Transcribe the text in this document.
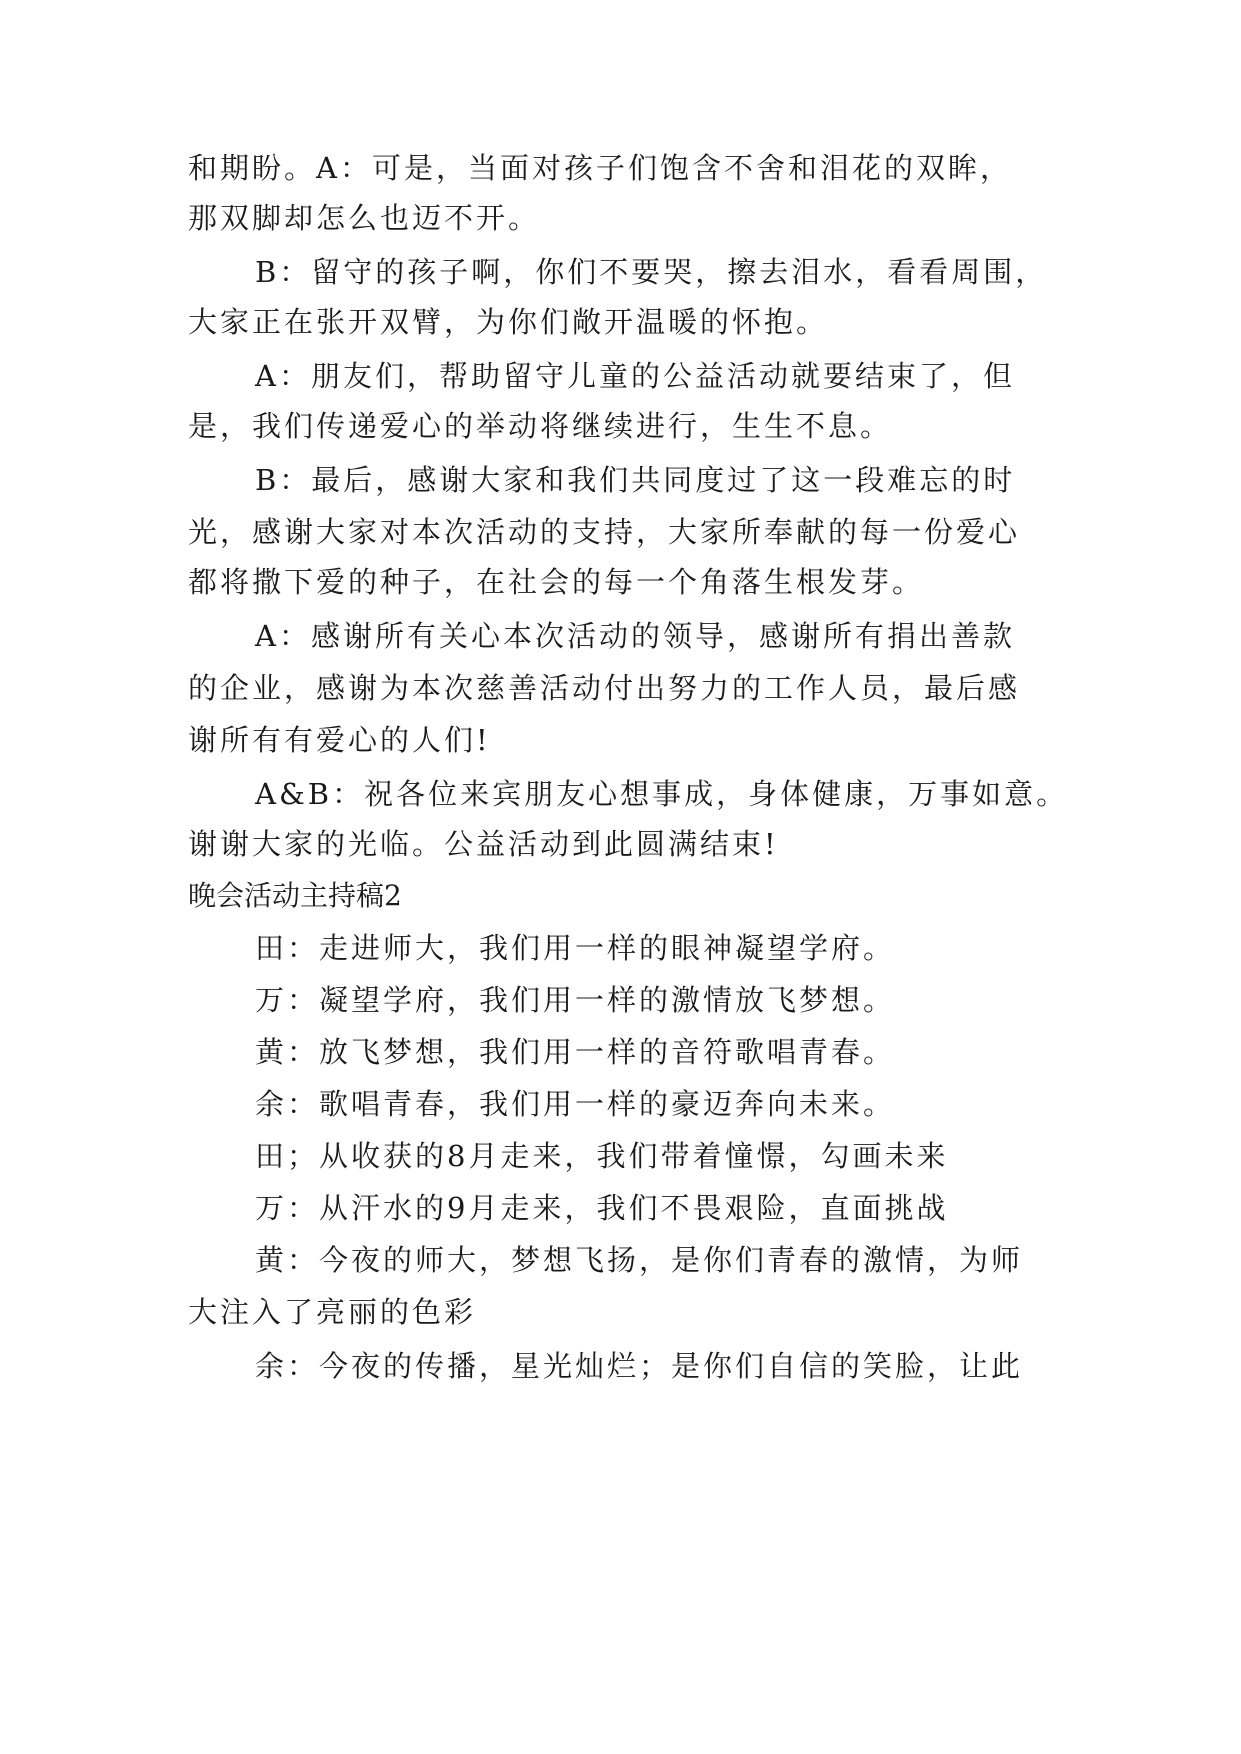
和期盼。A：可是，当面对孩子们饱含不舍和泪花的双眸，
那双脚却怎么也迈不开。
B：留守的孩子啊，你们不要哭，擦去泪水，看看周围，
大家正在张开双臂，为你们敞开温暖的怀抱。
A：朋友们，帮助留守儿童的公益活动就要结束了，但
是，我们传递爱心的举动将继续进行，生生不息。
B：最后，感谢大家和我们共同度过了这一段难忘的时
光，感谢大家对本次活动的支持，大家所奉献的每一份爱心
都将撒下爱的种子，在社会的每一个角落生根发芽。
A：感谢所有关心本次活动的领导，感谢所有捐出善款
的企业，感谢为本次慈善活动付出努力的工作人员，最后感
谢所有有爱心的人们!
A&B：祝各位来宾朋友心想事成，身体健康，万事如意。
谢谢大家的光临。公益活动到此圆满结束!
晚会活动主持稿2
田：走进师大，我们用一样的眼神凝望学府。
万：凝望学府，我们用一样的激情放飞梦想。
黄：放飞梦想，我们用一样的音符歌唱青春。
余：歌唱青春，我们用一样的豪迈奔向未来。
田；从收获的8月走来，我们带着憧憬，勾画未来
万：从汗水的9月走来，我们不畏艰险，直面挑战
黄：今夜的师大，梦想飞扬，是你们青春的激情，为师
大注入了亮丽的色彩
余：今夜的传播，星光灿烂；是你们自信的笑脸，让此
